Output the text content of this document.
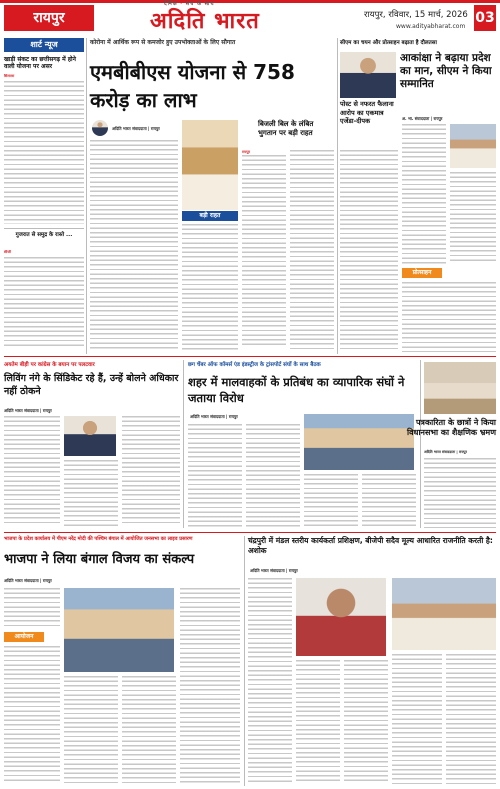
रायपुर
दैनिक · सच के साथ
अदिति भारत	रायपुर, रविवार, 15 मार्च, 2026
www.adityabharat.com
03
शार्ट न्यूज
खाड़ी संकट का छत्तीसगढ़ में होने वाली योजना पर असर
सिलतरा
गुजरात से समुद्र के रास्ते ...
सीजी
कोरोना में आर्थिक रूप से कमजोर हुए उपभोक्ताओं के लिए सौगात
एमबीबीएस योजना से 758 करोड़ का लाभ
अदिति भारत संवाददाता | रायपुर
बड़ी राहत
बिजली बिल के लंबित भुगतान पर बड़ी राहत
रायपुर
सीएम का चयन और प्रोत्साहन बढ़ाता है दौलतसा
आकांक्षा ने बढ़ाया प्रदेश का मान, सीएम ने किया सम्मानित
पोस्ट से नफरत फैलाना आरोप का एकमात्र एजेंडा-दीपक	अ. भा. संवाददाता | रायपुर
प्रोत्साहन
अयतेम बीड़ी पर कांग्रेस के बयान पर पलटवार
लिविंग नंगे के सिंडिकेट रहे हैं, उन्हें बोलने अधिकार नहीं ठोकने
अदिति भारत संवाददाता | रायपुर
छग चेंबर ऑफ कॉमर्स एंड इंडस्ट्रीज के ट्रांसपोर्ट संघों के साथ बैठक
शहर में मालवाहकों के प्रतिबंध का व्यापारिक संघों ने जताया विरोध
अदिति भारत संवाददाता | रायपुर
पत्रकारिता के छात्रों ने किया विधानसभा का शैक्षणिक भ्रमण
अदिति भारत संवाददाता | रायपुर
भाजपा के प्रदेश कार्यालय में पीएम नरेंद्र मोदी की पश्चिम बंगाल में आयोजित जनसभा का लाइव प्रसारण
भाजपा ने लिया बंगाल विजय का संकल्प
अदिति भारत संवाददाता | रायपुर
आयोजन
चंद्रपुरी में मंडल स्तरीय कार्यकर्ता प्रशिक्षण, बीजेपी सदैव मूल्य आधारित राजनीति करती है: अशोक
अदिति भारत संवाददाता | रायपुर
